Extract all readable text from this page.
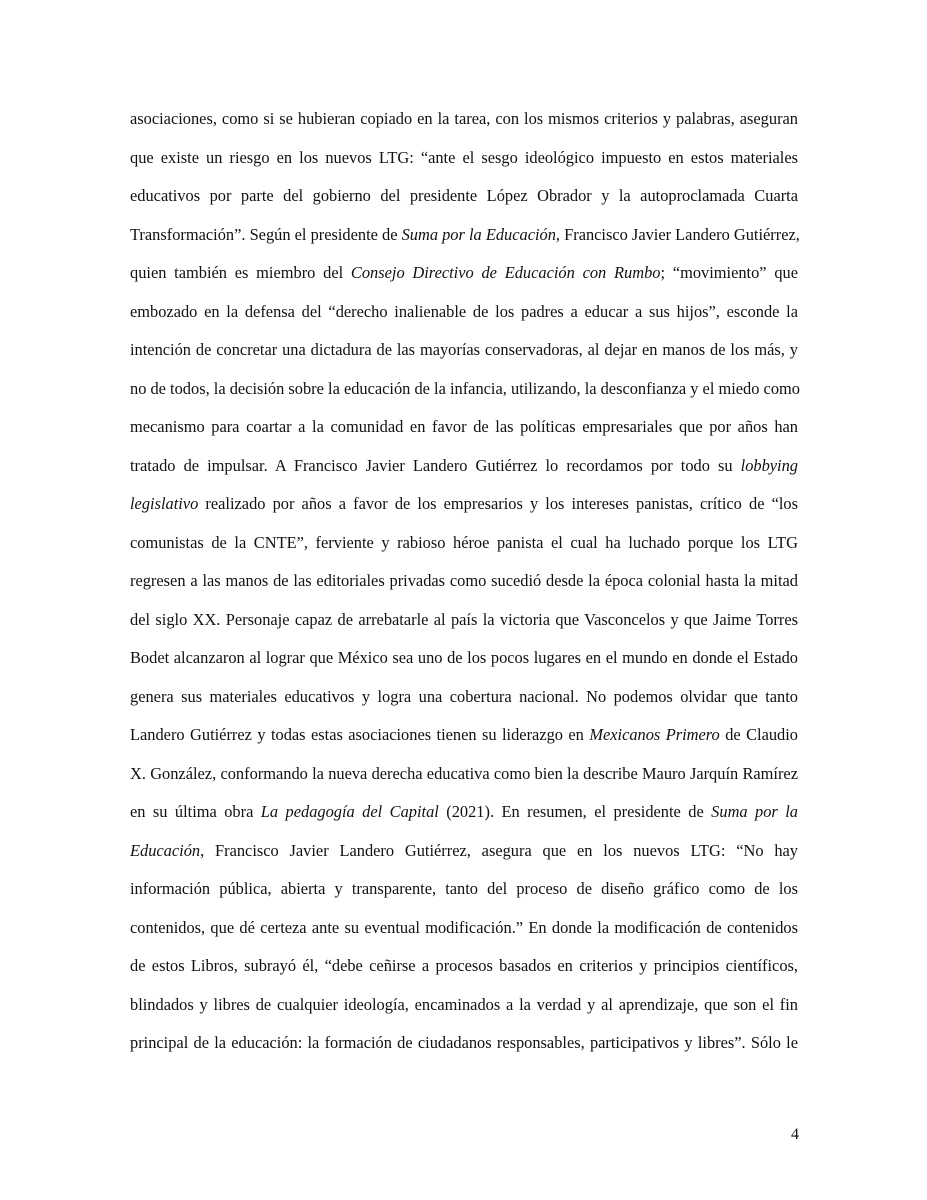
asociaciones, como si se hubieran copiado en la tarea, con los mismos criterios y palabras, aseguran
que existe un riesgo en los nuevos LTG: “ante el sesgo ideológico impuesto en estos materiales
educativos por parte del gobierno del presidente López Obrador y la autoproclamada Cuarta
Transformación”. Según el presidente de Suma por la Educación, Francisco Javier Landero Gutiérrez,
quien también es miembro del Consejo Directivo de Educación con Rumbo; “movimiento” que
embozado en la defensa del “derecho inalienable de los padres a educar a sus hijos”, esconde la
intención de concretar una dictadura de las mayorías conservadoras, al dejar en manos de los más, y
no de todos, la decisión sobre la educación de la infancia, utilizando, la desconfianza y el miedo como
mecanismo para coartar a la comunidad en favor de las políticas empresariales que por años han
tratado de impulsar. A Francisco Javier Landero Gutiérrez lo recordamos por todo su lobbying
legislativo realizado por años a favor de los empresarios y los intereses panistas, crítico de “los
comunistas de la CNTE”, ferviente y rabioso héroe panista el cual ha luchado porque los LTG
regresen a las manos de las editoriales privadas como sucedió desde la época colonial hasta la mitad
del siglo XX. Personaje capaz de arrebatarle al país la victoria que Vasconcelos y que Jaime Torres
Bodet alcanzaron al lograr que México sea uno de los pocos lugares en el mundo en donde el Estado
genera sus materiales educativos y logra una cobertura nacional. No podemos olvidar que tanto
Landero Gutiérrez y todas estas asociaciones tienen su liderazgo en Mexicanos Primero de Claudio
X. González, conformando la nueva derecha educativa como bien la describe Mauro Jarquín Ramírez
en su última obra La pedagogía del Capital (2021). En resumen, el presidente de Suma por la
Educación, Francisco Javier Landero Gutiérrez, asegura que en los nuevos LTG: “No hay
información pública, abierta y transparente, tanto del proceso de diseño gráfico como de los
contenidos, que dé certeza ante su eventual modificación.” En donde la modificación de contenidos
de estos Libros, subrayó él, “debe ceñirse a procesos basados en criterios y principios científicos,
blindados y libres de cualquier ideología, encaminados a la verdad y al aprendizaje, que son el fin
principal de la educación: la formación de ciudadanos responsables, participativos y libres”. Sólo le
4
